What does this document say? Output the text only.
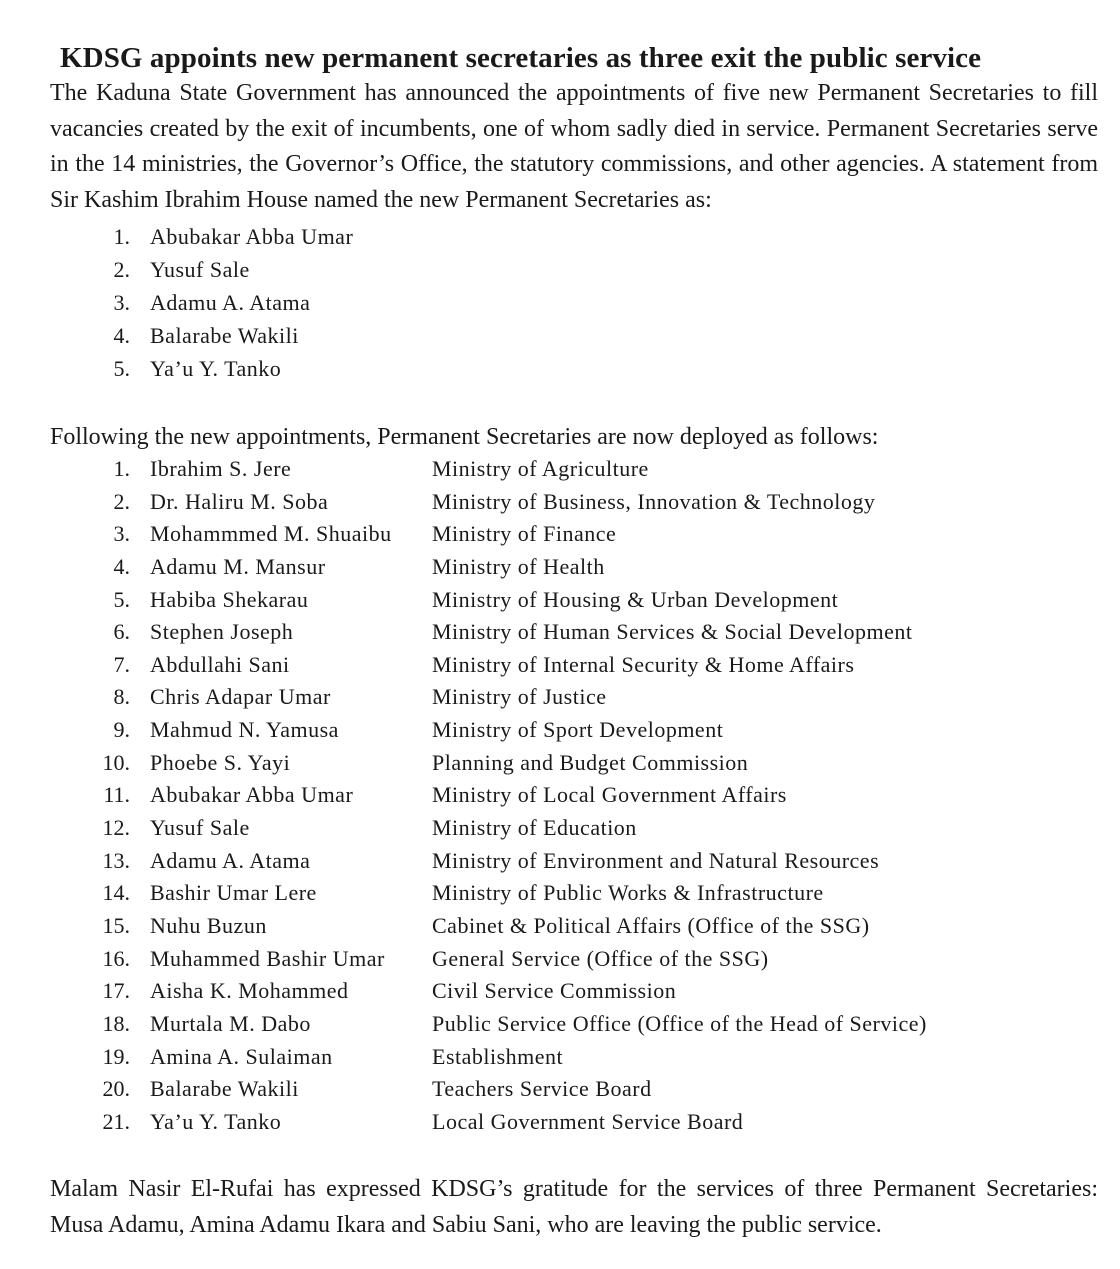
KDSG appoints new permanent secretaries as three exit the public service

The Kaduna State Government has announced the appointments of five new Permanent Secretaries to fill vacancies created by the exit of incumbents, one of whom sadly died in service. Permanent Secretaries serve in the 14 ministries, the Governor’s Office, the statutory commissions, and other agencies. A statement from Sir Kashim Ibrahim House named the new Permanent Secretaries as:

1. Abubakar Abba Umar
2. Yusuf Sale
3. Adamu A. Atama
4. Balarabe Wakili
5. Ya’u Y. Tanko

Following the new appointments, Permanent Secretaries are now deployed as follows:

1. Ibrahim S. Jere	Ministry of Agriculture
2. Dr. Haliru M. Soba	Ministry of Business, Innovation & Technology
3. Mohammmed M. Shuaibu Ministry of Finance
4. Adamu M. Mansur	Ministry of Health
5. Habiba Shekarau	Ministry of Housing & Urban Development
6. Stephen Joseph	Ministry of Human Services & Social Development
7. Abdullahi Sani	Ministry of Internal Security & Home Affairs
8. Chris Adapar Umar	Ministry of Justice
9. Mahmud N. Yamusa	Ministry of Sport Development
10. Phoebe S. Yayi	Planning and Budget Commission
11. Abubakar Abba Umar	Ministry of Local Government Affairs
12. Yusuf Sale	Ministry of Education
13. Adamu A. Atama	Ministry of Environment and Natural Resources
14. Bashir Umar Lere	Ministry of Public Works & Infrastructure
15. Nuhu Buzun	Cabinet & Political Affairs (Office of the SSG)
16. Muhammed Bashir Umar General Service (Office of the SSG)
17. Aisha K. Mohammed	Civil Service Commission
18. Murtala M. Dabo	Public Service Office (Office of the Head of Service)
19. Amina A. Sulaiman	Establishment
20. Balarabe Wakili	Teachers Service Board
21. Ya’u Y. Tanko	Local Government Service Board

Malam Nasir El-Rufai has expressed KDSG’s gratitude for the services of three Permanent Secretaries: Musa Adamu, Amina Adamu Ikara and Sabiu Sani, who are leaving the public service.
